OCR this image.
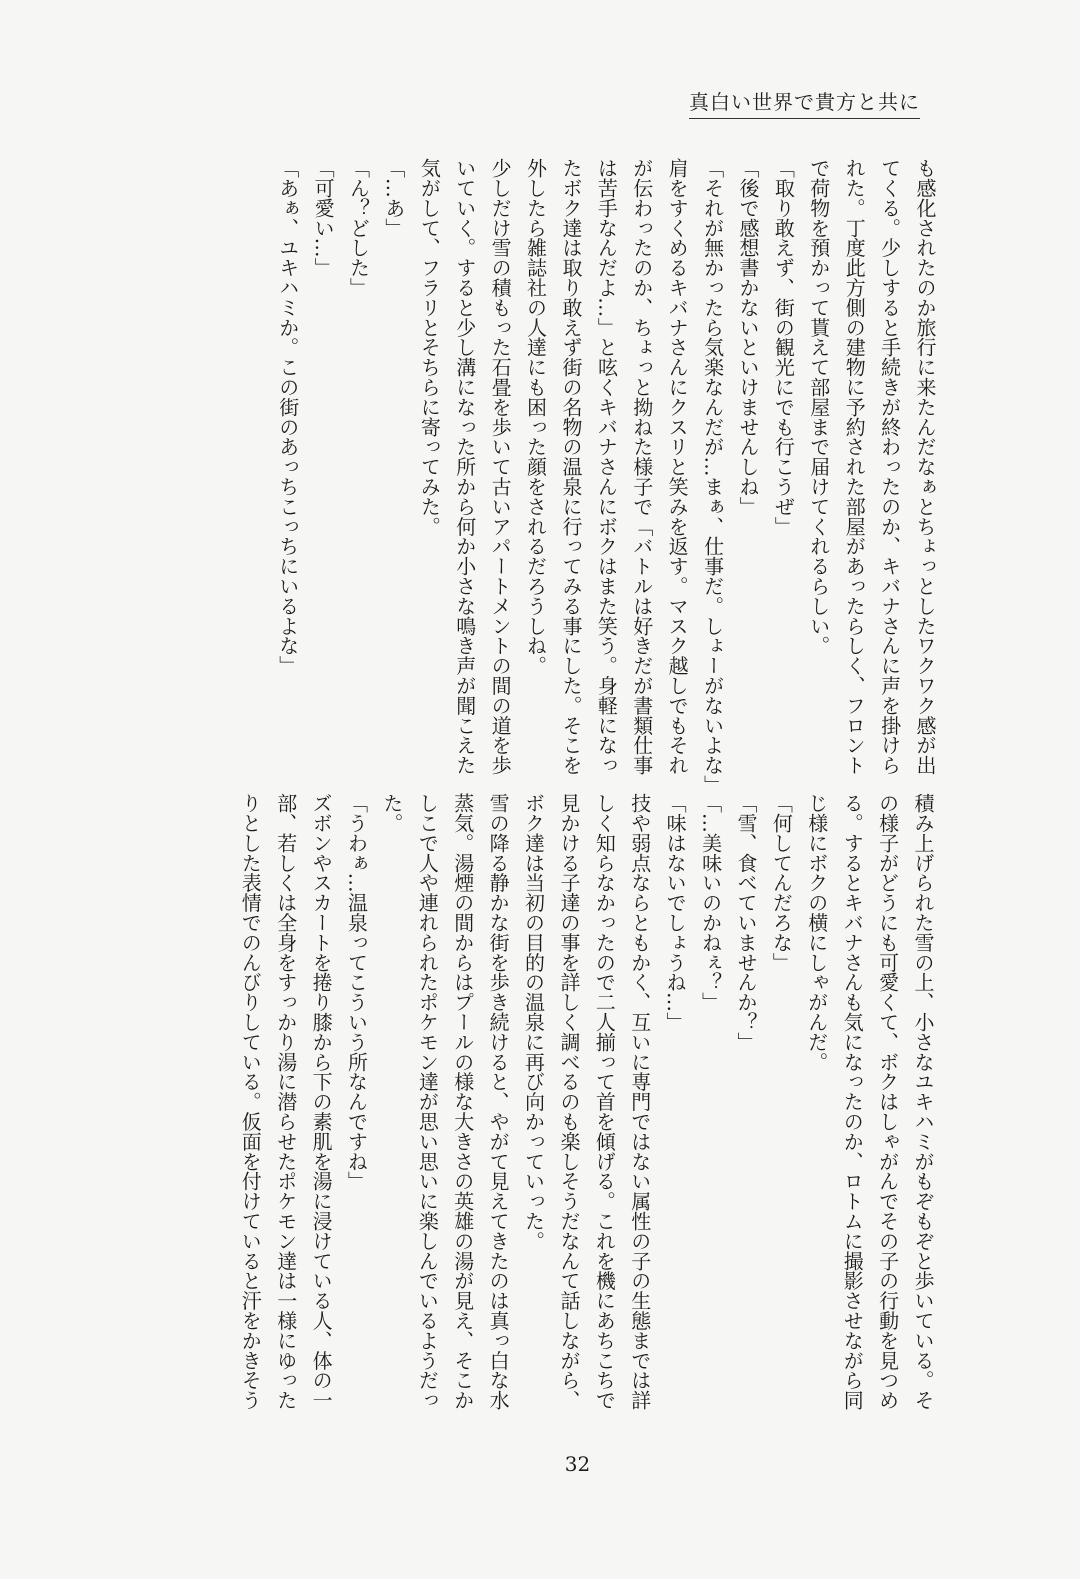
真白い世界で貴方と共に
も感化されたのか旅行に来たんだなぁとちょっとしたワクワク感が出
てくる。少しすると手続きが終わったのか、キバナさんに声を掛けら
れた。丁度此方側の建物に予約された部屋があったらしく、フロント
で荷物を預かって貰えて部屋まで届けてくれるらしい。
「取り敢えず、街の観光にでも行こうぜ」
「後で感想書かないといけませんしね」
「それが無かったら気楽なんだが…まぁ、仕事だ。しょーがないよな」
肩をすくめるキバナさんにクスリと笑みを返す。マスク越しでもそれ
が伝わったのか、ちょっと拗ねた様子で「バトルは好きだが書類仕事
は苦手なんだよ…」と呟くキバナさんにボクはまた笑う。身軽になっ
たボク達は取り敢えず街の名物の温泉に行ってみる事にした。そこを
外したら雑誌社の人達にも困った顔をされるだろうしね。
少しだけ雪の積もった石畳を歩いて古いアパートメントの間の道を歩
いていく。すると少し溝になった所から何か小さな鳴き声が聞こえた
気がして、フラリとそちらに寄ってみた。
「…あ」
「ん？どした」
「可愛い…」
「あぁ、ユキハミか。この街のあっちこっちにいるよな」
積み上げられた雪の上、小さなユキハミがもぞもぞと歩いている。そ
の様子がどうにも可愛くて、ボクはしゃがんでその子の行動を見つめ
る。するとキバナさんも気になったのか、ロトムに撮影させながら同
じ様にボクの横にしゃがんだ。
「何してんだろな」
「雪、食べていませんか？」
「…美味いのかねぇ？」
「味はないでしょうね…」
技や弱点ならともかく、互いに専門ではない属性の子の生態までは詳
しく知らなかったので二人揃って首を傾げる。これを機にあちこちで
見かける子達の事を詳しく調べるのも楽しそうだなんて話しながら、
ボク達は当初の目的の温泉に再び向かっていった。
雪の降る静かな街を歩き続けると、やがて見えてきたのは真っ白な水
蒸気。湯煙の間からはプールの様な大きさの英雄の湯が見え、そこか
しこで人や連れられたポケモン達が思い思いに楽しんでいるようだっ
た。
「うわぁ…温泉ってこういう所なんですね」
ズボンやスカートを捲り膝から下の素肌を湯に浸けている人、体の一
部、若しくは全身をすっかり湯に潜らせたポケモン達は一様にゆった
りとした表情でのんびりしている。仮面を付けていると汗をかきそう
32
